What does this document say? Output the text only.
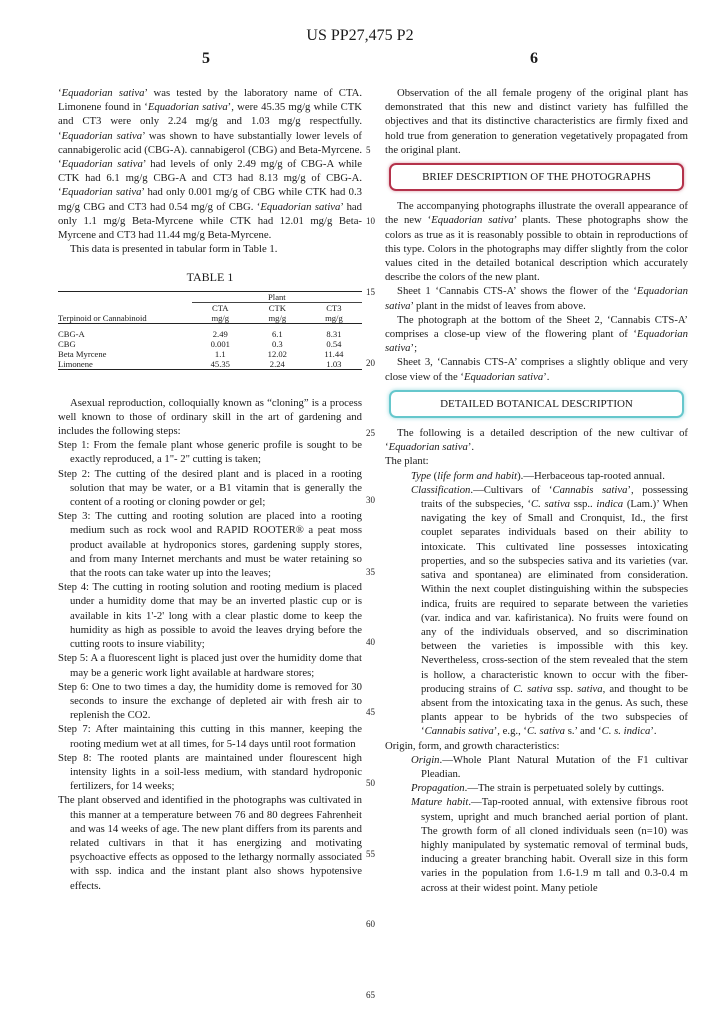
US PP27,475 P2
5	6
5
10
15
20
25
30
35
40
45
50
55
60
65

‘Equadorian sativa’ was tested by the laboratory name of CTA. Limonene found in ‘Equadorian sativa’, were 45.35 mg/g while CTK and CT3 were only 2.24 mg/g and 1.03 mg/g respectfully. ‘Equadorian sativa’ was shown to have substantially lower levels of cannabigerolic acid (CBG-A). cannabigerol (CBG) and Beta-Myrcene. ‘Equadorian sativa’ had levels of only 2.49 mg/g of CBG-A while CTK had 6.1 mg/g CBG-A and CT3 had 8.13 mg/g of CBG-A. ‘Equadorian sativa’ had only 0.001 mg/g of CBG while CTK had 0.3 mg/g CBG and CT3 had 0.54 mg/g of CBG. ‘Equadorian sativa’ had only 1.1 mg/g Beta-Myrcene while CTK had 12.01 mg/g Beta-Myrcene and CT3 had 11.44 mg/g Beta-Myrcene.

This data is presented in tabular form in Table 1.

TABLE 1

	Plant		

	CTA	CTK	CT3
Terpinoid or Cannabinoid	mg/g	mg/g	mg/g

CBG-A	2.49	6.1	8.31
CBG	0.001	0.3	0.54
Beta Myrcene	1.1	12.02	11.44
Limonene	45.35	2.24	1.03

Asexual reproduction, colloquially known as “cloning” is a process well known to those of ordinary skill in the art of gardening and includes the following steps:

Step 1: From the female plant whose generic profile is sought to be exactly reproduced, a 1"- 2" cutting is taken;

Step 2: The cutting of the desired plant and is placed in a rooting solution that may be water, or a B1 vitamin that is generally the content of a rooting or cloning powder or gel;

Step 3: The cutting and rooting solution are placed into a rooting medium such as rock wool and RAPID ROOTER® a peat moss product available at hydroponics stores, gardening supply stores, and from many Internet merchants and must be water retaining so that the roots can take water up into the leaves;

Step 4: The cutting in rooting solution and rooting medium is placed under a humidity dome that may be an inverted plastic cup or is available in kits 1'-2' long with a clear plastic dome to keep the humidity as high as possible to avoid the leaves drying before the cutting roots to insure viability;

Step 5: A a fluorescent light is placed just over the humidity dome that may be a generic work light available at hardware stores;

Step 6: One to two times a day, the humidity dome is removed for 30 seconds to insure the exchange of depleted air with fresh air to replenish the CO2.

Step 7: After maintaining this cutting in this manner, keeping the rooting medium wet at all times, for 5-14 days until root formation

Step 8: The rooted plants are maintained under flourescent high intensity lights in a soil-less medium, with standard hydroponic fertilizers, for 14 weeks;

The plant observed and identified in the photographs was cultivated in this manner at a temperature between 76 and 80 degrees Fahrenheit and was 14 weeks of age. The new plant differs from its parents and related cultivars in that it has energizing and motivating psychoactive effects as opposed to the lethargy normally associated with ssp. indica and the instant plant also shows hypotensive effects.

Observation of the all female progeny of the original plant has demonstrated that this new and distinct variety has fulfilled the objectives and that its distinctive characteristics are firmly fixed and hold true from generation to generation vegetatively propagated from the original plant.

BRIEF DESCRIPTION OF THE PHOTOGRAPHS

The accompanying photographs illustrate the overall appearance of the new ‘Equadorian sativa’ plants. These photographs show the colors as true as it is reasonably possible to obtain in reproductions of this type. Colors in the photographs may differ slightly from the color values cited in the detailed botanical description which accurately describe the colors of the new plant.

Sheet 1 ‘Cannabis CTS-A’ shows the flower of the ‘Equadorian sativa’ plant in the midst of leaves from above.

The photograph at the bottom of the Sheet 2, ‘Cannabis CTS-A’ comprises a close-up view of the flowering plant of ‘Equadorian sativa’;

Sheet 3, ‘Cannabis CTS-A’ comprises a slightly oblique and very close view of the ‘Equadorian sativa’.

DETAILED BOTANICAL DESCRIPTION

The following is a detailed description of the new cultivar of ‘Equadorian sativa’.

The plant:

Type (life form and habit).—Herbaceous tap-rooted annual.

Classification.—Cultivars of ‘Cannabis sativa’, possessing traits of the subspecies, ‘C. sativa ssp.. indica (Lam.)’ When navigating the key of Small and Cronquist, Id., the first couplet separates individuals based on their ability to intoxicate. This cultivated line possesses intoxicating properties, and so the subspecies sativa and its varieties (var. sativa and spontanea) are eliminated from consideration. Within the next couplet distinguishing within the subspecies indica, fruits are required to separate between the varieties (var. indica and var. kafiristanica). No fruits were found on any of the individuals observed, and so discrimination between the varieties is impossible with this key. Nevertheless, cross-section of the stem revealed that the stem is hollow, a characteristic known to occur with the fiber-producing strains of C. sativa ssp. sativa, and thought to be absent from the intoxicating taxa in the genus. As such, these plants appear to be hybrids of the two subspecies of ‘Cannabis sativa’, e.g., ‘C. sativa s.’ and ‘C. s. indica’.

Origin, form, and growth characteristics:

Origin.—Whole Plant Natural Mutation of the F1 cultivar Pleadian.

Propagation.—The strain is perpetuated solely by cuttings.

Mature habit.—Tap-rooted annual, with extensive fibrous root system, upright and much branched aerial portion of plant. The growth form of all cloned individuals seen (n=10) was highly manipulated by systematic removal of terminal buds, inducing a greater branching habit. Overall size in this form varies in the population from 1.6-1.9 m tall and 0.3-0.4 m across at their widest point. Many petiole
